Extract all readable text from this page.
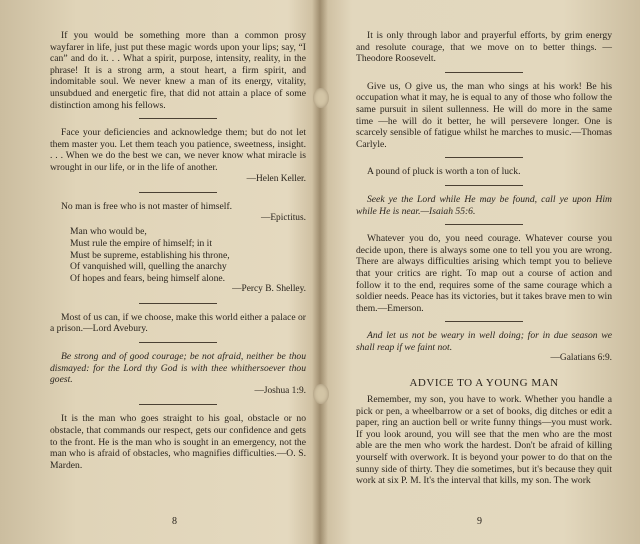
If you would be something more than a common prosy wayfarer in life, just put these magic words upon your lips; say, “I can” and do it. . . What a spirit, purpose, intensity, reality, in the phrase! It is a strong arm, a stout heart, a firm spirit, and indomitable soul. We never knew a man of its energy, vitality, unsubdued and energetic fire, that did not attain a place of some distinction among his fellows.

Face your deficiencies and acknowledge them; but do not let them master you. Let them teach you patience, sweetness, insight. . . . When we do the best we can, we never know what miracle is wrought in our life, or in the life of another.

—Helen Keller.

No man is free who is not master of himself.

—Epictitus.

Man who would be,
Must rule the empire of himself; in it
Must be supreme, establishing his throne,
Of vanquished will, quelling the anarchy
Of hopes and fears, being himself alone.

—Percy B. Shelley.

Most of us can, if we choose, make this world either a palace or a prison.—Lord Avebury.

Be strong and of good courage; be not afraid, neither be thou dismayed: for the Lord thy God is with thee whithersoever thou goest.

—Joshua 1:9.

It is the man who goes straight to his goal, obstacle or no obstacle, that commands our respect, gets our confidence and gets to the front. He is the man who is sought in an emergency, not the man who is afraid of obstacles, who magnifies difficulties.—O. S. Marden.

8

It is only through labor and prayerful efforts, by grim energy and resolute courage, that we move on to better things. —Theodore Roosevelt.

Give us, O give us, the man who sings at his work! Be his occupation what it may, he is equal to any of those who follow the same pursuit in silent sullenness. He will do more in the same time —he will do it better, he will persevere longer. One is scarcely sensible of fatigue whilst he marches to music.—Thomas Carlyle.

A pound of pluck is worth a ton of luck.

Seek ye the Lord while He may be found, call ye upon Him while He is near.—Isaiah 55:6.

Whatever you do, you need courage. Whatever course you decide upon, there is always some one to tell you you are wrong. There are always difficulties arising which tempt you to believe that your critics are right. To map out a course of action and follow it to the end, requires some of the same courage which a soldier needs. Peace has its victories, but it takes brave men to win them.—Emerson.

And let us not be weary in well doing; for in due season we shall reap if we faint not.

—Galatians 6:9.

ADVICE TO A YOUNG MAN

Remember, my son, you have to work. Whether you handle a pick or pen, a wheelbarrow or a set of books, dig ditches or edit a paper, ring an auction bell or write funny things—you must work. If you look around, you will see that the men who are the most able are the men who work the hardest. Don't be afraid of killing yourself with overwork. It is beyond your power to do that on the sunny side of thirty. They die sometimes, but it's because they quit work at six P. M. It's the interval that kills, my son. The work

9
